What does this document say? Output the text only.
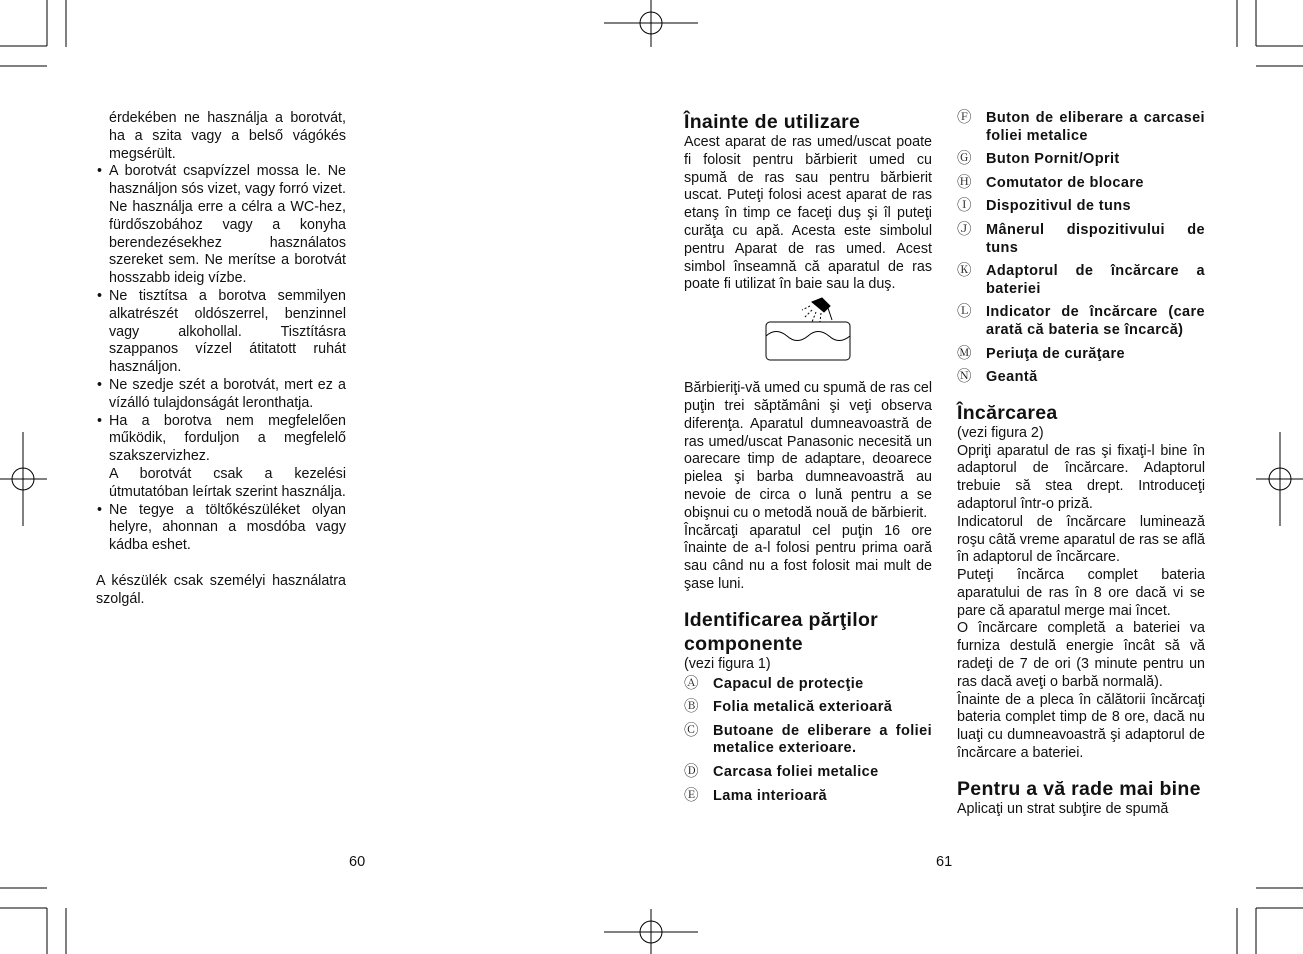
érdekében ne használja a borotvát, ha a szita vagy a belső vágókés megsérült.

• A borotvát csapvízzel mossa le. Ne használjon sós vizet, vagy forró vizet. Ne használja erre a célra a WC-hez, fürdőszobához vagy a konyha berendezésekhez használatos szereket sem. Ne merítse a borotvát hosszabb ideig vízbe.
• Ne tisztítsa a borotva semmilyen alkatrészét oldószerrel, benzinnel vagy alkohollal. Tisztításra szappanos vízzel átitatott ruhát használjon.
• Ne szedje szét a borotvát, mert ez a vízálló tulajdonságát leronthatja.
• Ha a borotva nem megfelelően működik, forduljon a megfelelő szakszervizhez.

A borotvát csak a kezelési útmutatóban leírtak szerint használja.

• Ne tegye a töltőkészüléket olyan helyre, ahonnan a mosdóba vagy kádba eshet.

A készülék csak személyi használatra szolgál.

Înainte de utilizare

Acest aparat de ras umed/uscat poate fi folosit pentru bărbierit umed cu spumă de ras sau pentru bărbierit uscat. Puteţi folosi acest aparat de ras etanş în timp ce faceţi duş şi îl puteţi curăţa cu apă. Acesta este simbolul pentru Aparat de ras umed. Acest simbol înseamnă că aparatul de ras poate fi utilizat în baie sau la duş.

Bărbieriţi-vă umed cu spumă de ras cel puţin trei săptămâni şi veţi observa diferenţa. Aparatul dumneavoastră de ras umed/uscat Panasonic necesită un oarecare timp de adaptare, deoarece pielea şi barba dumneavoastră au nevoie de circa o lună pentru a se obişnui cu o metodă nouă de bărbierit.

Încărcaţi aparatul cel puţin 16 ore înainte de a-l folosi pentru prima oară sau când nu a fost folosit mai mult de şase luni.

Identificarea părţilor componente

(vezi figura 1)

Ⓐ Capacul de protecţie
Ⓑ Folia metalică exterioară
Ⓒ Butoane de eliberare a foliei metalice exterioare.
Ⓓ Carcasa foliei metalice
Ⓔ Lama interioară
Ⓕ Buton de eliberare a carcasei foliei metalice
Ⓖ Buton Pornit/Oprit
Ⓗ Comutator de blocare
Ⓘ Dispozitivul de tuns
Ⓙ Mânerul dispozitivului de tuns
Ⓚ Adaptorul de încărcare a bateriei
Ⓛ Indicator de încărcare (care arată că bateria se încarcă)
Ⓜ Periuţa de curăţare
Ⓝ Geantă
Încărcarea

(vezi figura 2)

Opriţi aparatul de ras şi fixaţi-l bine în adaptorul de încărcare. Adaptorul trebuie să stea drept. Introduceţi adaptorul într-o priză.

Indicatorul de încărcare luminează roşu câtă vreme aparatul de ras se află în adaptorul de încărcare.

Puteţi încărca complet bateria aparatului de ras în 8 ore dacă vi se pare că aparatul merge mai încet.

O încărcare completă a bateriei va furniza destulă energie încât să vă radeţi de 7 de ori (3 minute pentru un ras dacă aveţi o barbă normală).

Înainte de a pleca în călătorii încărcaţi bateria complet timp de 8 ore, dacă nu luaţi cu dumneavoastră şi adaptorul de încărcare a bateriei.

Pentru a vă rade mai bine

Aplicaţi un strat subţire de spumă

60	61
